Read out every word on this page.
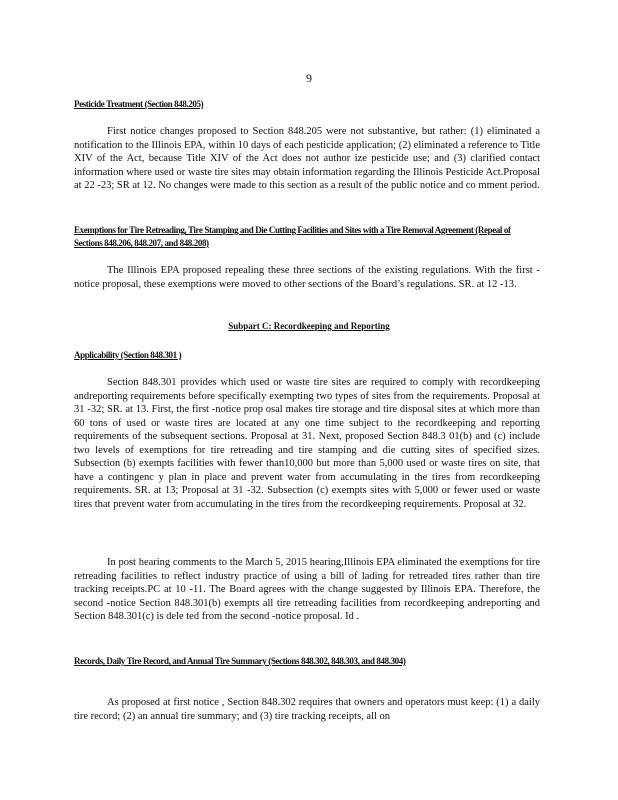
9
Pesticide Treatment (Section 848.205)

First notice changes proposed to Section 848.205 were not substantive, but rather: (1) eliminated a notification to the Illinois EPA, within 10 days of each pesticide application; (2) eliminated a reference to Title XIV of the Act, because Title XIV of the Act does not author ize pesticide use; and (3) clarified contact information where used or waste tire sites may obtain information regarding the Illinois Pesticide Act.Proposal at 22 -23; SR at 12. No changes were made to this section as a result of the public notice and co mment period.

Exemptions for Tire Retreading, Tire Stamping and Die Cutting Facilities and Sites with a Tire Removal Agreement (Repeal of Sections 848.206, 848.207, and 848.208)

The Illinois EPA proposed repealing these three sections of the existing regulations. With the first -notice proposal, these exemptions were moved to other sections of the Board’s regulations. SR. at 12 -13.

Subpart C: Recordkeeping and Reporting
Applicability (Section 848.301 )

Section 848.301 provides which used or waste tire sites are required to comply with recordkeeping andreporting requirements before specifically exempting two types of sites from the requirements. Proposal at 31 -32; SR. at 13. First, the first -notice prop osal makes tire storage and tire disposal sites at which more than 60 tons of used or waste tires are located at any one time subject to the recordkeeping and reporting requirements of the subsequent sections. Proposal at 31. Next, proposed Section 848.3 01(b) and (c) include two levels of exemptions for tire retreading and tire stamping and die cutting sites of specified sizes. Subsection (b) exempts facilities with fewer than10,000 but more than 5,000 used or waste tires on site, that have a contingenc y plan in place and prevent water from accumulating in the tires from recordkeeping requirements. SR. at 13; Proposal at 31 -32. Subsection (c) exempts sites with 5,000 or fewer used or waste tires that prevent water from accumulating in the tires from the recordkeeping requirements. Proposal at 32.

In post hearing comments to the March 5, 2015 hearing,Illinois EPA eliminated the exemptions for tire retreading facilities to reflect industry practice of using a bill of lading for retreaded tires rather than tire tracking receipts.PC at 10 -11. The Board agrees with the change suggested by Illinois EPA. Therefore, the second -notice Section 848.301(b) exempts all tire retreading facilities from recordkeeping andreporting and Section 848.301(c) is dele ted from the second -notice proposal. Id .

Records, Daily Tire Record, and Annual Tire Summary (Sections 848.302, 848.303, and 848.304)

As proposed at first notice , Section 848.302 requires that owners and operators must keep: (1) a daily tire record; (2) an annual tire summary; and (3) tire tracking receipts, all on
